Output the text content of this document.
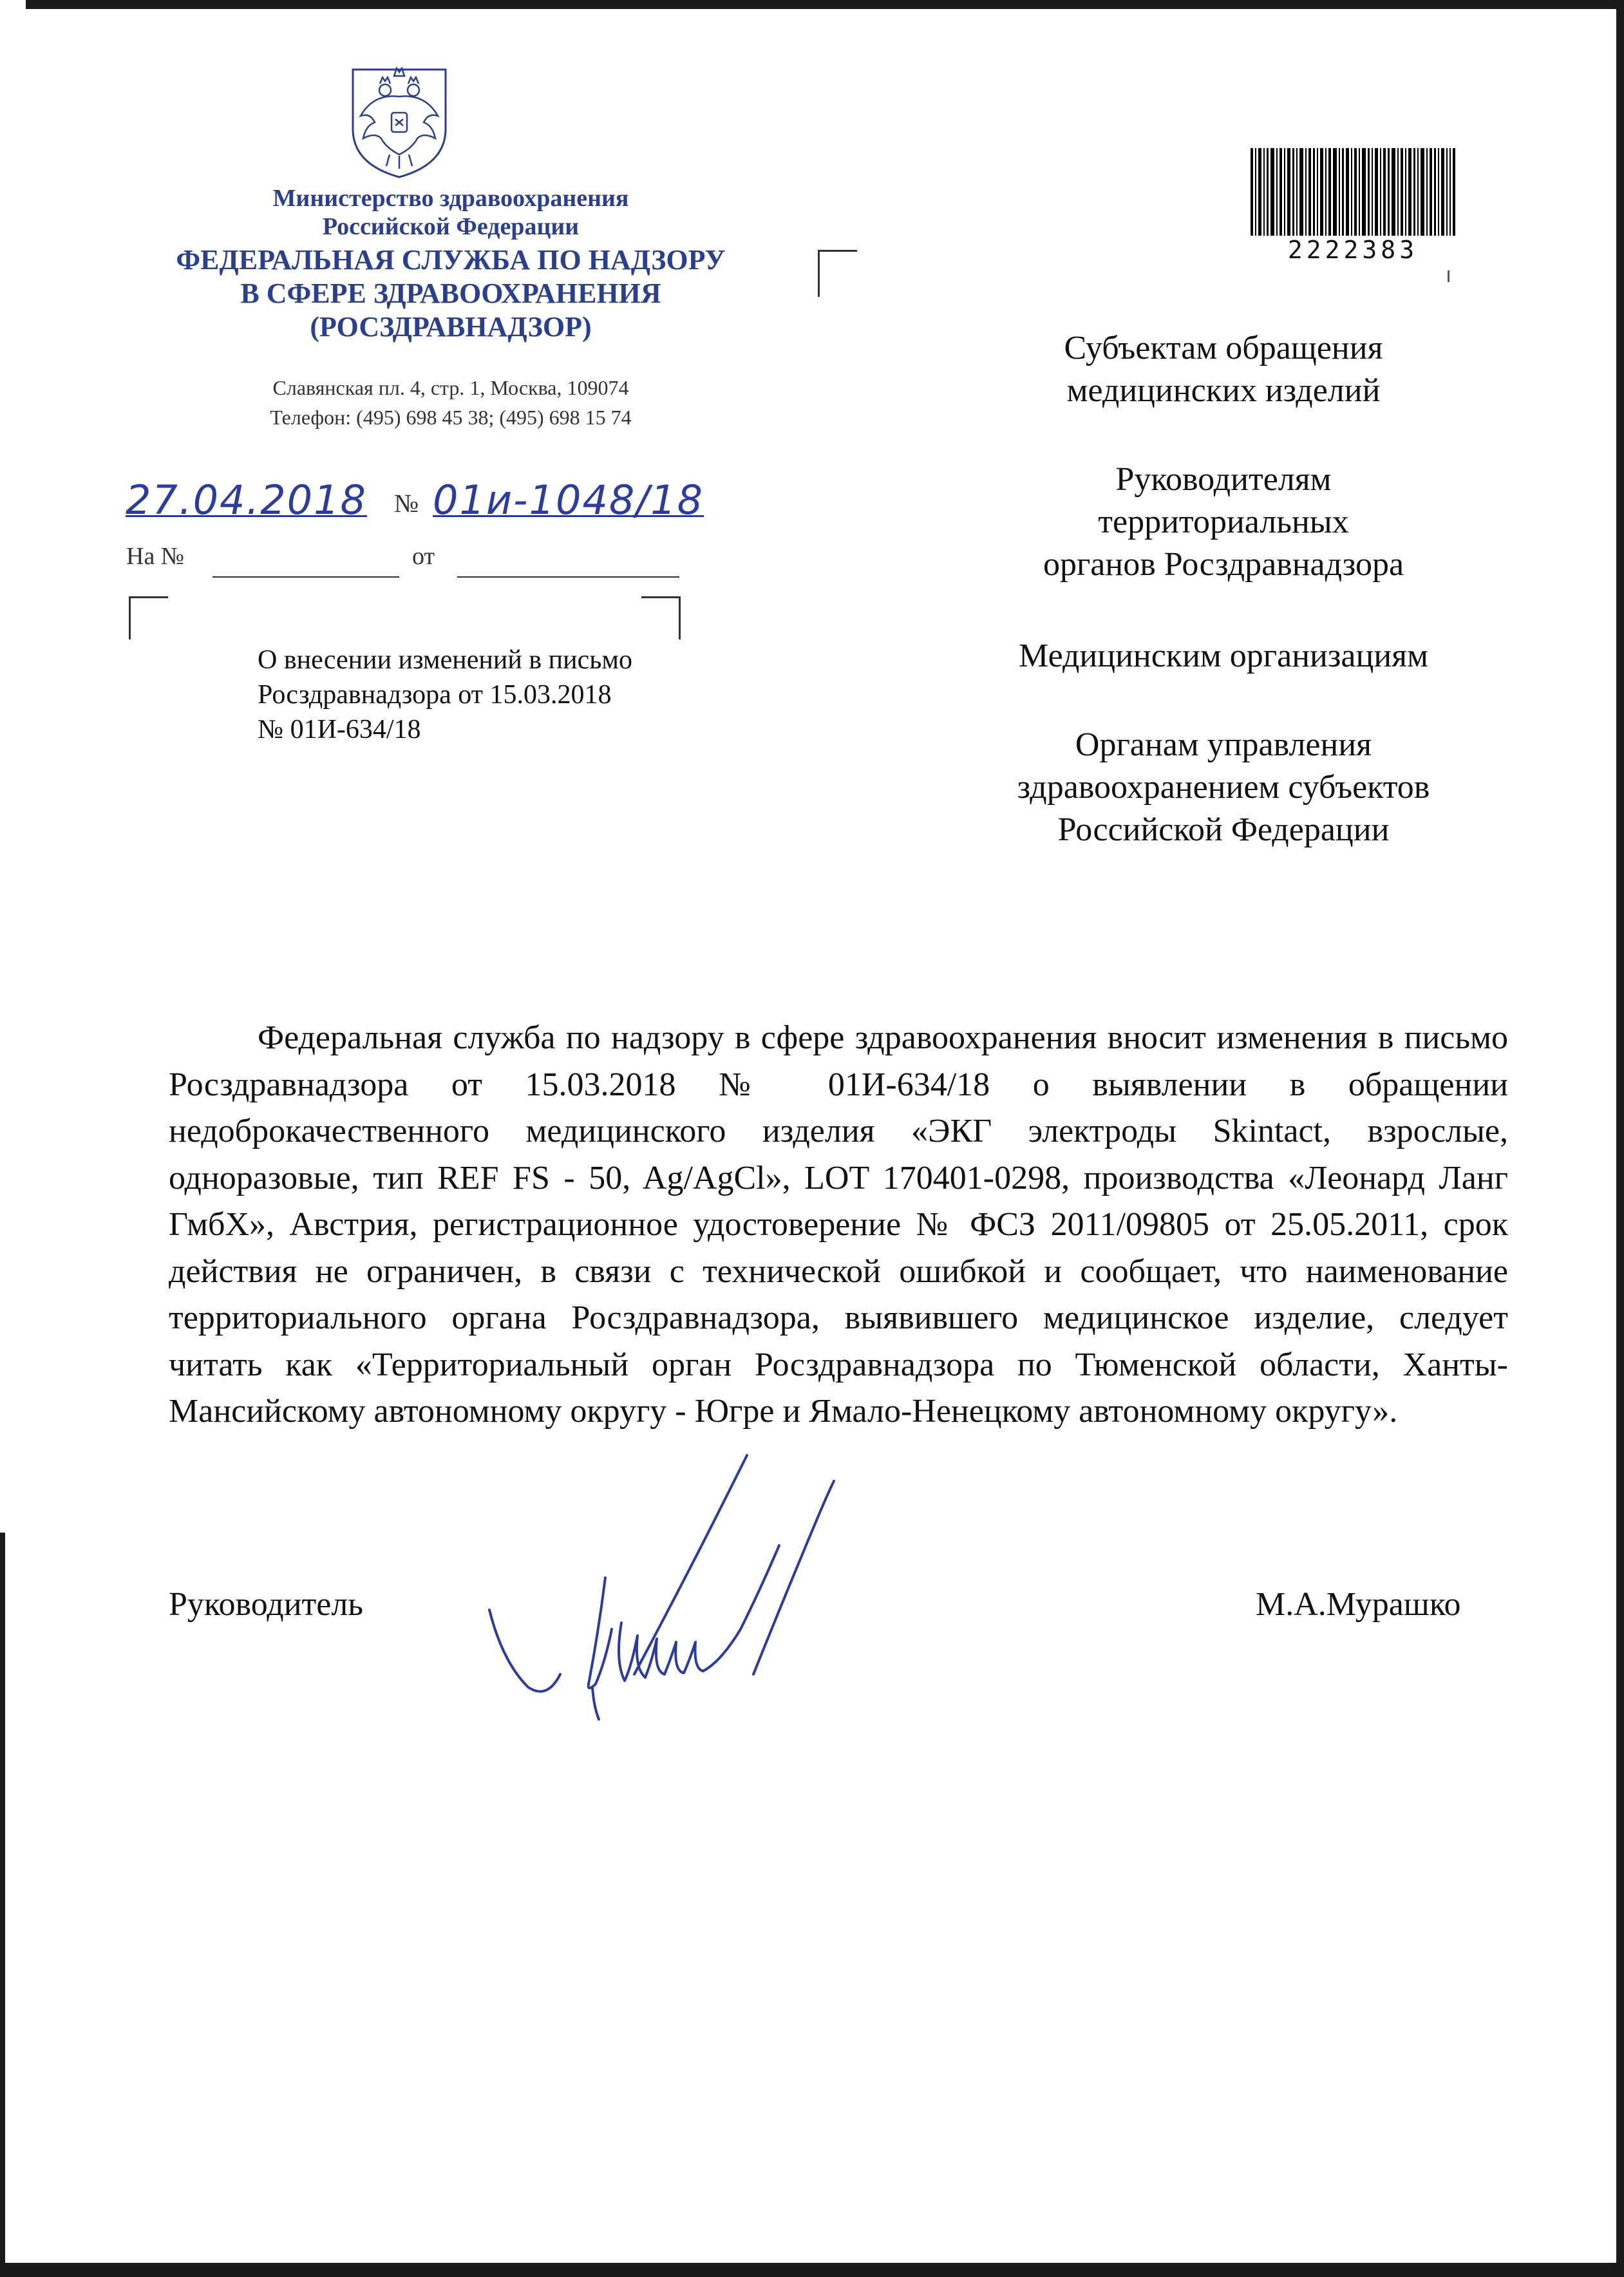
Министерство здравоохранения
Российской Федерации
ФЕДЕРАЛЬНАЯ СЛУЖБА ПО НАДЗОРУ
В СФЕРЕ ЗДРАВООХРАНЕНИЯ
(РОСЗДРАВНАДЗОР)
Славянская пл. 4, стр. 1, Москва, 109074
Телефон: (495) 698 45 38; (495) 698 15 74
27.04.2018 № 01и-1048/18
На №	от
О внесении изменений в письмо
Росздравнадзора от 15.03.2018
№ 01И-634/18
2222383
Субъектам обращения
медицинских изделий
Руководителям
территориальных
органов Росздравнадзора
Медицинским организациям
Органам управления
здравоохранением субъектов
Российской Федерации

Федеральная служба по надзору в сфере здравоохранения вносит изменения в письмо Росздравнадзора от 15.03.2018 № 01И-634/18 о выявлении в обращении недоброкачественного медицинского изделия «ЭКГ электроды Skintact, взрослые, одноразовые, тип REF FS - 50, Ag/AgCl», LOT 170401-0298, производства «Леонард Ланг ГмбХ», Австрия, регистрационное удостоверение № ФСЗ 2011/09805 от 25.05.2011, срок действия не ограничен, в связи с технической ошибкой и сообщает, что наименование территориального органа Росздравнадзора, выявившего медицинское изделие, следует читать как «Территориальный орган Росздравнадзора по Тюменской области, Ханты-Мансийскому автономному округу - Югре и Ямало-Ненецкому автономному округу».

Руководитель	М.А.Мурашко
